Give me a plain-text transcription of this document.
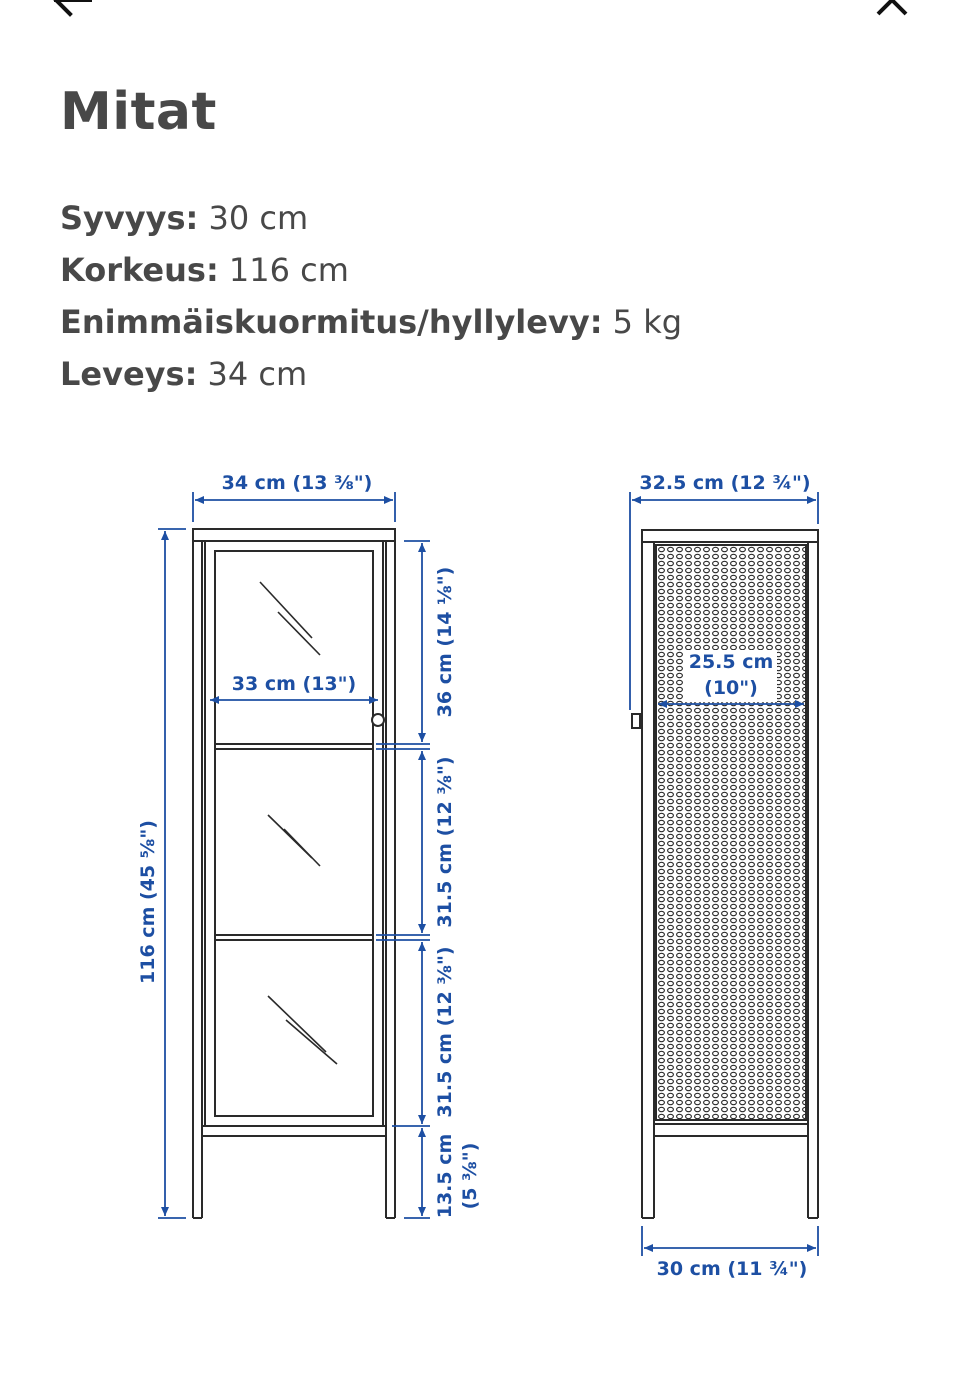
Mitat
Syvyys: 30 cm
Korkeus: 116 cm
Enimmäiskuormitus/hyllylevy: 5 kg
Leveys: 34 cm
34 cm (13 ⅜")
33 cm (13")
116 cm (45 ⅝")
36 cm (14 ⅛")
31.5 cm (12 ⅜")
31.5 cm (12 ⅜")
13.5 cm (5 ⅜")
32.5 cm (12 ¾")
25.5 cm
(10")
30 cm (11 ¾")
